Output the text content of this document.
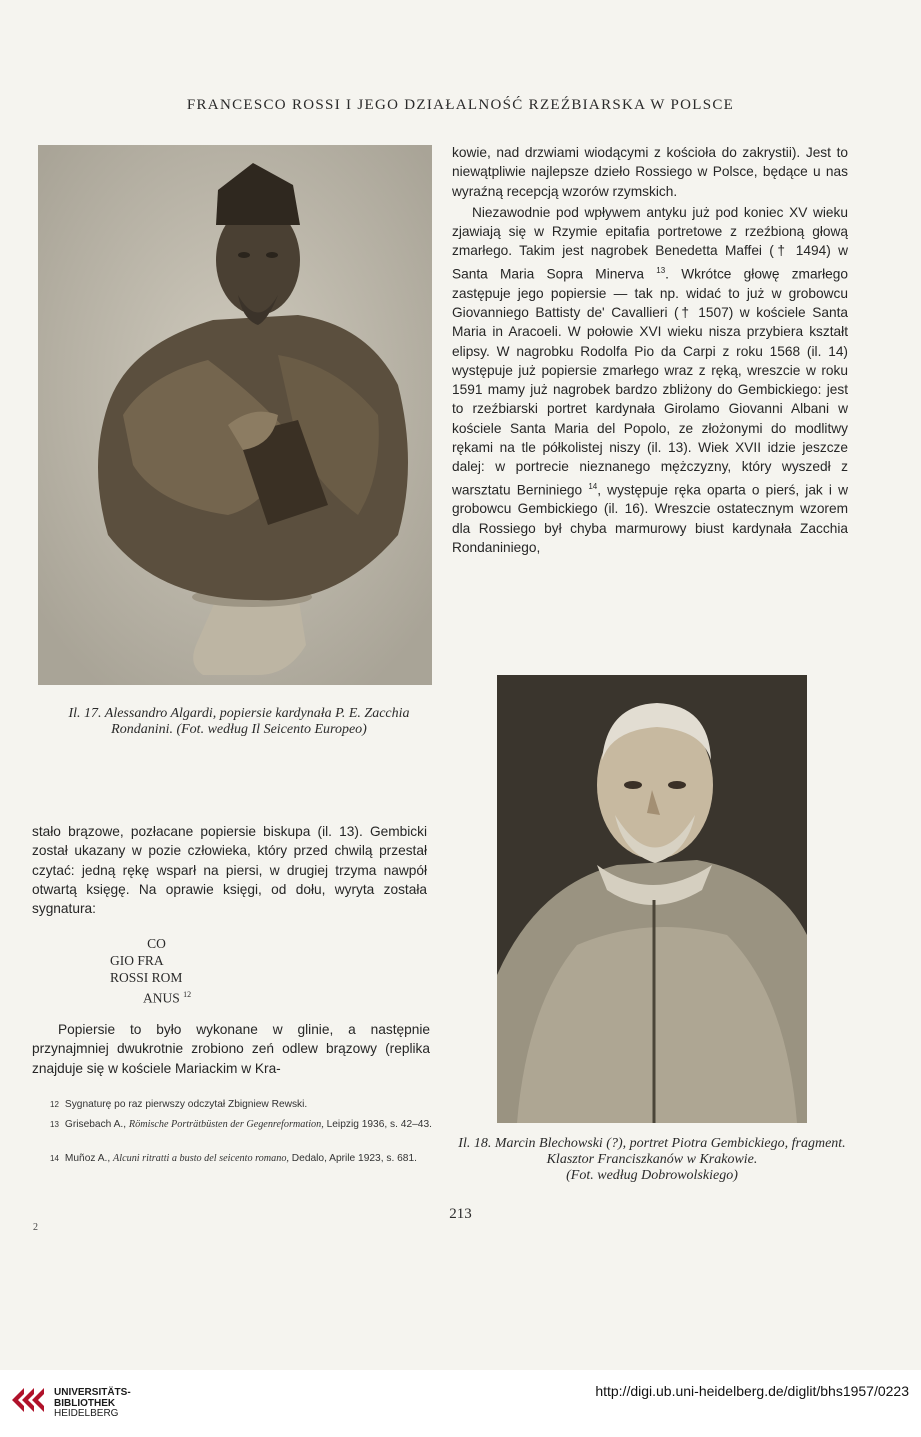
FRANCESCO ROSSI I JEGO DZIAŁALNOŚĆ RZEŹBIARSKA W POLSCE
Il. 17. Alessandro Algardi, popiersie kardynała P. E. Zacchia Rondanini. (Fot. według Il Seicento Europeo)

kowie, nad drzwiami wiodącymi z kościoła do zakrystii). Jest to niewątpliwie najlepsze dzieło Rossiego w Polsce, będące u nas wyraźną recepcją wzorów rzymskich.

Niezawodnie pod wpływem antyku już pod koniec XV wieku zjawiają się w Rzymie epitafia portretowe z rzeźbioną głową zmarłego. Takim jest nagrobek Benedetta Maffei († 1494) w Santa Maria Sopra Minerva $^{13}$. Wkrótce głowę zmarłego zastępuje jego popiersie — tak np. widać to już w grobowcu Giovanniego Battisty de' Cavallieri († 1507) w kościele Santa Maria in Aracoeli. W połowie XVI wieku nisza przybiera kształt elipsy. W nagrobku Rodolfa Pio da Carpi z roku 1568 (il. 14) występuje już popiersie zmarłego wraz z ręką, wreszcie w roku 1591 mamy już nagrobek bardzo zbliżony do Gembickiego: jest to rzeźbiarski portret kardynała Girolamo Giovanni Albani w kościele Santa Maria del Popolo, ze złożonymi do modlitwy rękami na tle półkolistej niszy (il. 13). Wiek XVII idzie jeszcze dalej: w portrecie nieznanego mężczyzny, który wyszedł z warsztatu Berniniego $^{14}$, występuje ręka oparta o pierś, jak i w grobowcu Gembickiego (il. 16). Wreszcie ostatecznym wzorem dla Rossiego był chyba marmurowy biust kardynała Zacchia Rondaniniego,

Il. 18. Marcin Blechowski (?), portret Piotra Gembickiego, fragment. Klasztor Franciszkanów w Krakowie.
(Fot. według Dobrowolskiego)

stało brązowe, pozłacane popiersie biskupa (il. 13). Gembicki został ukazany w pozie człowieka, który przed chwilą przestał czytać: jedną rękę wsparł na piersi, w drugiej trzyma nawpół otwartą księgę. Na oprawie księgi, od dołu, wyryta została sygnatura:

CO
GIO FRA
ROSSI ROM
ANUS $^{12}$

Popiersie to było wykonane w glinie, a następnie przynajmniej dwukrotnie zrobiono zeń odlew brązowy (replika znajduje się w kościele Mariackim w Kra-

12 Sygnaturę po raz pierwszy odczytał Zbigniew Rewski.
13 Grisebach A., Römische Porträtbüsten der Gegenreformation, Leipzig 1936, s. 42–43.
14 Muñoz A., Alcuni ritratti a busto del seicento romano, Dedalo, Aprile 1923, s. 681.
213
2
UNIVERSITÄTS-
BIBLIOTHEK
HEIDELBERG
http://digi.ub.uni-heidelberg.de/diglit/bhs1957/0223
